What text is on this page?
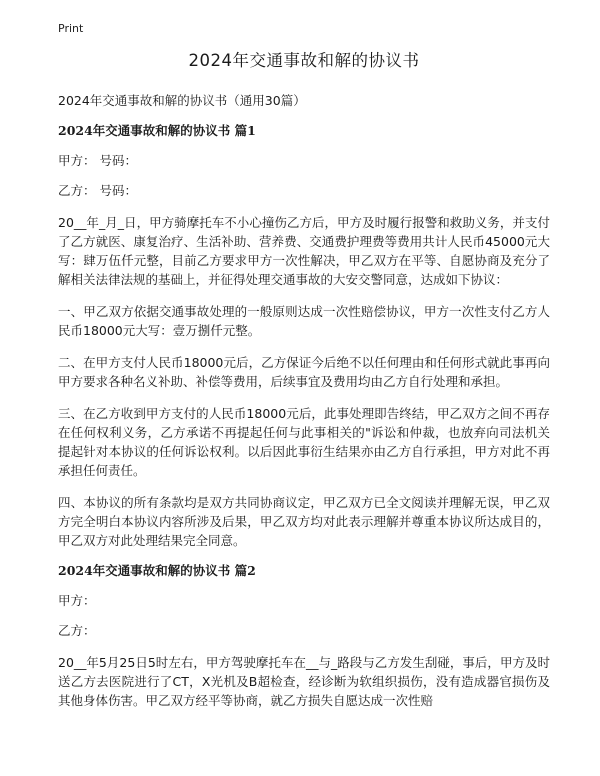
Print
2024年交通事故和解的协议书
2024年交通事故和解的协议书（通用30篇）
2024年交通事故和解的协议书 篇1
甲方： 号码：
乙方： 号码：

20__年_月_日，甲方骑摩托车不小心撞伤乙方后，甲方及时履行报警和救助义务，并支付了乙方就医、康复治疗、生活补助、营养费、交通费护理费等费用共计人民币45000元大写：肆万伍仟元整，目前乙方要求甲方一次性解决，甲乙双方在平等、自愿协商及充分了解相关法律法规的基础上，并征得处理交通事故的大安交警同意，达成如下协议：

一、甲乙双方依据交通事故处理的一般原则达成一次性赔偿协议，甲方一次性支付乙方人民币18000元大写：壹万捌仟元整。

二、在甲方支付人民币18000元后，乙方保证今后绝不以任何理由和任何形式就此事再向甲方要求各种名义补助、补偿等费用，后续事宜及费用均由乙方自行处理和承担。

三、在乙方收到甲方支付的人民币18000元后，此事处理即告终结，甲乙双方之间不再存在任何权利义务，乙方承诺不再提起任何与此事相关的"诉讼和仲裁，也放弃向司法机关提起针对本协议的任何诉讼权利。以后因此事衍生结果亦由乙方自行承担，甲方对此不再承担任何责任。

四、本协议的所有条款均是双方共同协商议定，甲乙双方已全文阅读并理解无误，甲乙双方完全明白本协议内容所涉及后果，甲乙双方均对此表示理解并尊重本协议所达成目的，甲乙双方对此处理结果完全同意。

2024年交通事故和解的协议书 篇2
甲方：
乙方：

20__年5月25日5时左右，甲方驾驶摩托车在__与_路段与乙方发生刮碰，事后，甲方及时送乙方去医院进行了CT，X光机及B超检查，经诊断为软组织损伤，没有造成器官损伤及其他身体伤害。甲乙双方经平等协商，就乙方损失自愿达成一次性赔
